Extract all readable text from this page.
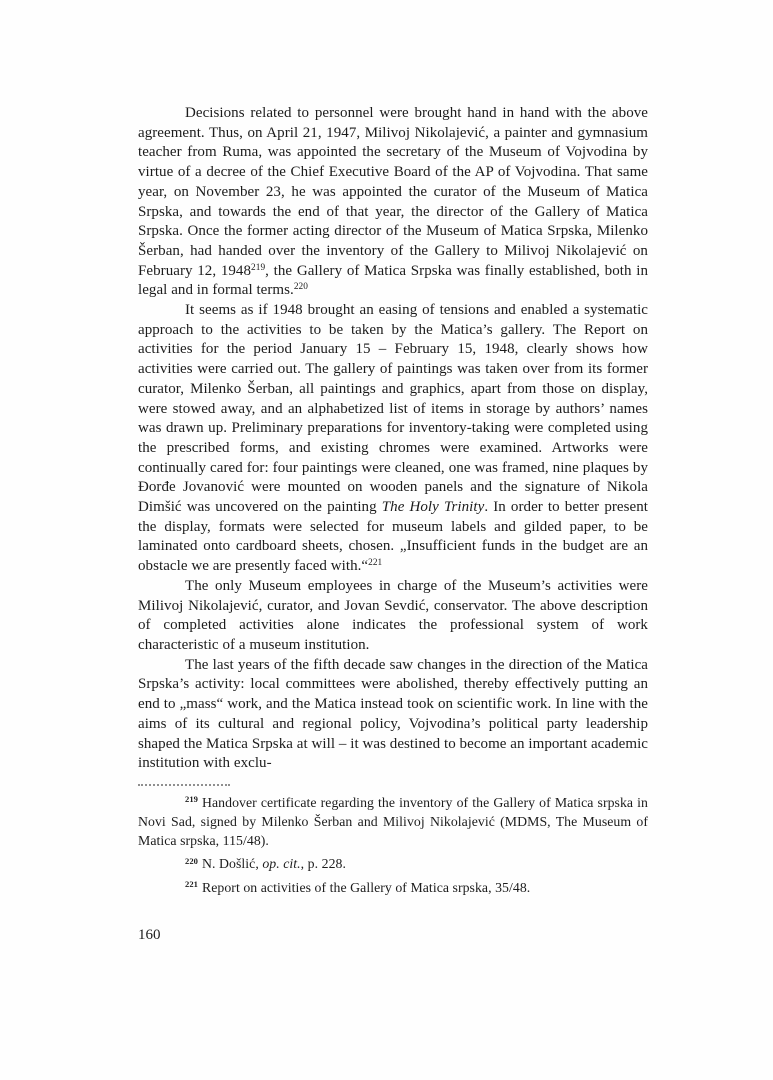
Decisions related to personnel were brought hand in hand with the above agreement. Thus, on April 21, 1947, Milivoj Nikolajević, a painter and gymnasium teacher from Ruma, was appointed the secretary of the Museum of Vojvodina by virtue of a decree of the Chief Executive Board of the AP of Vojvodina. That same year, on November 23, he was appointed the curator of the Museum of Matica Srpska, and towards the end of that year, the director of the Gallery of Matica Srpska. Once the former acting director of the Museum of Matica Srpska, Milenko Šerban, had handed over the inventory of the Gallery to Milivoj Nikolajević on February 12, 1948$^{219}$, the Gallery of Matica Srpska was finally established, both in legal and in formal terms.$^{220}$

It seems as if 1948 brought an easing of tensions and enabled a systematic approach to the activities to be taken by the Matica’s gallery. The Report on activities for the period January 15 – February 15, 1948, clearly shows how activities were carried out. The gallery of paintings was taken over from its former curator, Milenko Šerban, all paintings and graphics, apart from those on display, were stowed away, and an alphabetized list of items in storage by authors’ names was drawn up. Preliminary preparations for inventory-taking were completed using the prescribed forms, and existing chromes were examined. Artworks were continually cared for: four paintings were cleaned, one was framed, nine plaques by Đorđe Jovanović were mounted on wooden panels and the signature of Nikola Dimšić was uncovered on the painting The Holy Trinity. In order to better present the display, formats were selected for museum labels and gilded paper, to be laminated onto cardboard sheets, chosen. „Insufficient funds in the budget are an obstacle we are presently faced with.“$^{221}$

The only Museum employees in charge of the Museum’s activities were Milivoj Nikolajević, curator, and Jovan Sevdić, conservator. The above description of completed activities alone indicates the professional system of work characteristic of a museum institution.

The last years of the fifth decade saw changes in the direction of the Matica Srpska’s activity: local committees were abolished, thereby effectively putting an end to „mass“ work, and the Matica instead took on scientific work. In line with the aims of its cultural and regional policy, Vojvodina’s political party leadership shaped the Matica Srpska at will – it was destined to become an important academic institution with exclu-

$^{219}$ Handover certificate regarding the inventory of the Gallery of Matica srpska in Novi Sad, signed by Milenko Šerban and Milivoj Nikolajević (MDMS, The Museum of Matica srpska, 115/48).

$^{220}$ N. Došlić, op. cit., p. 228.

$^{221}$ Report on activities of the Gallery of Matica srpska, 35/48.

160
